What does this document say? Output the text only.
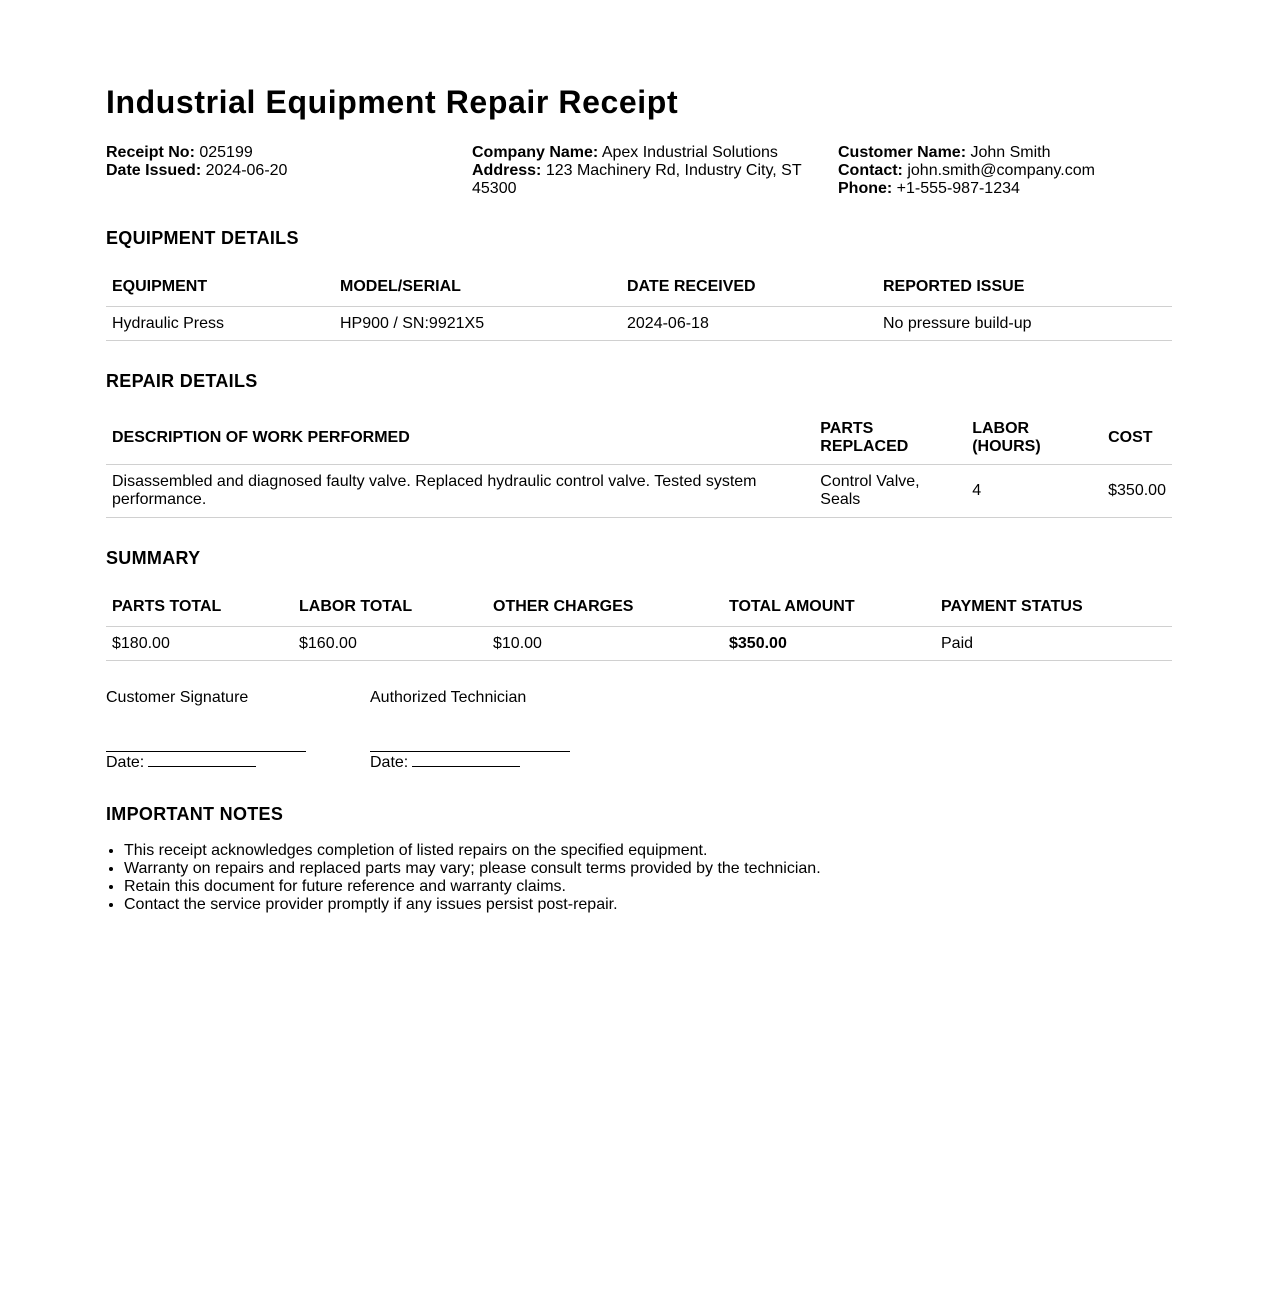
Industrial Equipment Repair Receipt
Receipt No: 025199
Date Issued: 2024-06-20
Company Name: Apex Industrial Solutions
Address: 123 Machinery Rd, Industry City, ST 45300
Customer Name: John Smith
Contact: john.smith@company.com
Phone: +1-555-987-1234
EQUIPMENT DETAILS
EQUIPMENT	MODEL/SERIAL	DATE RECEIVED	REPORTED ISSUE
Hydraulic Press	HP900 / SN:9921X5	2024-06-18	No pressure build-up
REPAIR DETAILS
DESCRIPTION OF WORK PERFORMED	PARTS REPLACED	LABOR (HOURS)	COST
Disassembled and diagnosed faulty valve. Replaced hydraulic control valve. Tested system performance.	Control Valve, Seals	4	$350.00
SUMMARY
PARTS TOTAL	LABOR TOTAL	OTHER CHARGES	TOTAL AMOUNT	PAYMENT STATUS
$180.00	$160.00	$10.00	$350.00	Paid
Customer Signature
Date:
Authorized Technician
Date:
IMPORTANT NOTES
• This receipt acknowledges completion of listed repairs on the specified equipment.
• Warranty on repairs and replaced parts may vary; please consult terms provided by the technician.
• Retain this document for future reference and warranty claims.
• Contact the service provider promptly if any issues persist post-repair.
